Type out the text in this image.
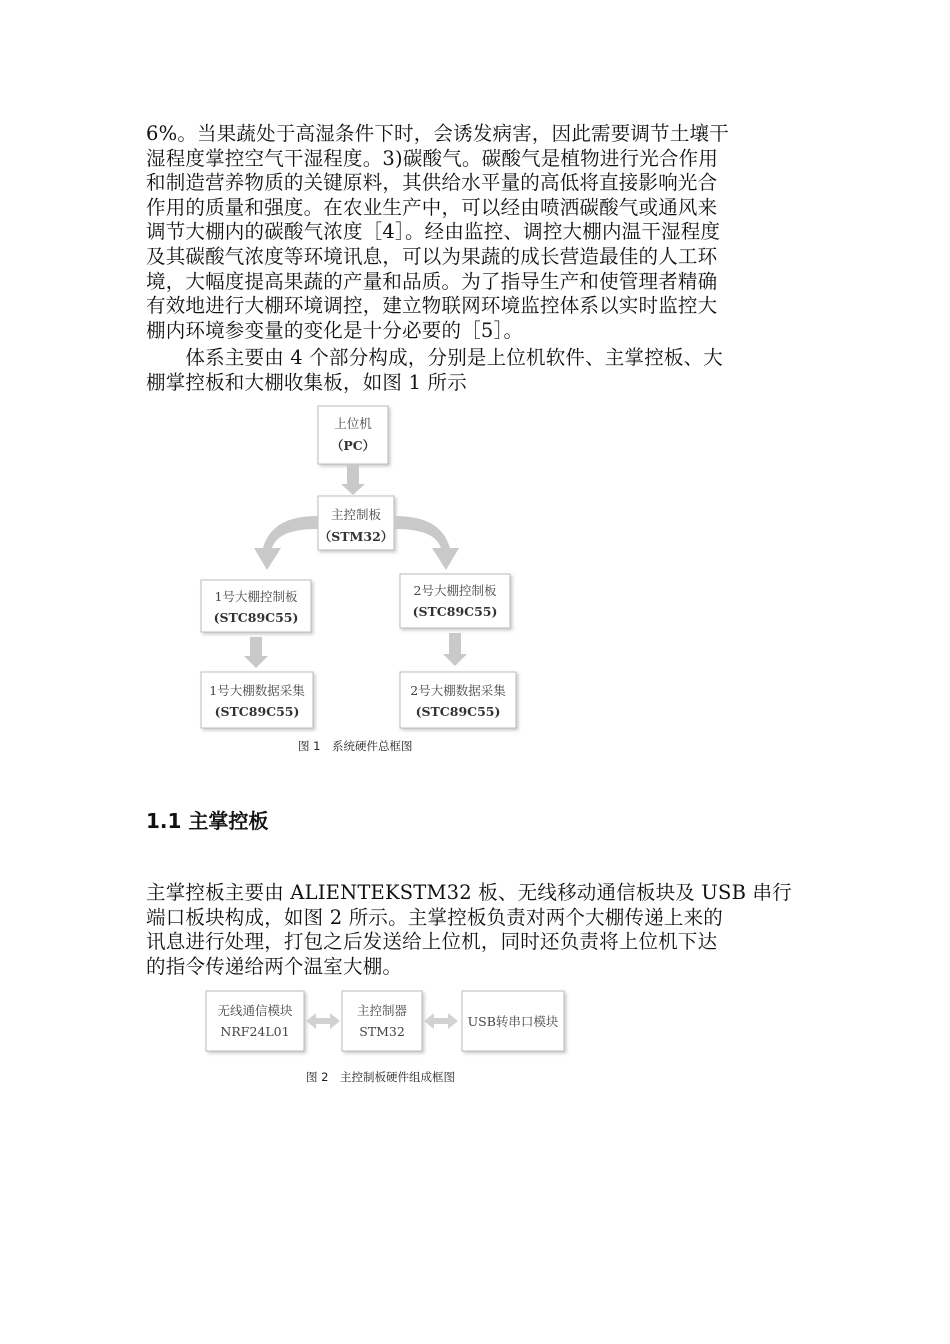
6%。当果蔬处于高湿条件下时，会诱发病害，因此需要调节土壤干
湿程度掌控空气干湿程度。3)碳酸气。碳酸气是植物进行光合作用
和制造营养物质的关键原料，其供给水平量的高低将直接影响光合
作用的质量和强度。在农业生产中，可以经由喷洒碳酸气或通风来
调节大棚内的碳酸气浓度［4］。经由监控、调控大棚内温干湿程度
及其碳酸气浓度等环境讯息，可以为果蔬的成长营造最佳的人工环
境，大幅度提高果蔬的产量和品质。为了指导生产和使管理者精确
有效地进行大棚环境调控，建立物联网环境监控体系以实时监控大
棚内环境参变量的变化是十分必要的［5］。
　　体系主要由 4 个部分构成，分别是上位机软件、主掌控板、大
棚掌控板和大棚收集板，如图 1 所示
上位机
（PC）
主控制板
（STM32）
1号大棚控制板
(STC89C55)
2号大棚控制板
(STC89C55)
1号大棚数据采集
(STC89C55)
2号大棚数据采集
(STC89C55)
图 1　系统硬件总框图
1.1 主掌控板
主掌控板主要由 ALIENTEKSTM32 板、无线移动通信板块及 USB 串行
端口板块构成，如图 2 所示。主掌控板负责对两个大棚传递上来的
讯息进行处理，打包之后发送给上位机，同时还负责将上位机下达
的指令传递给两个温室大棚。
无线通信模块
NRF24L01
主控制器
STM32
USB转串口模块
图 2　主控制板硬件组成框图
